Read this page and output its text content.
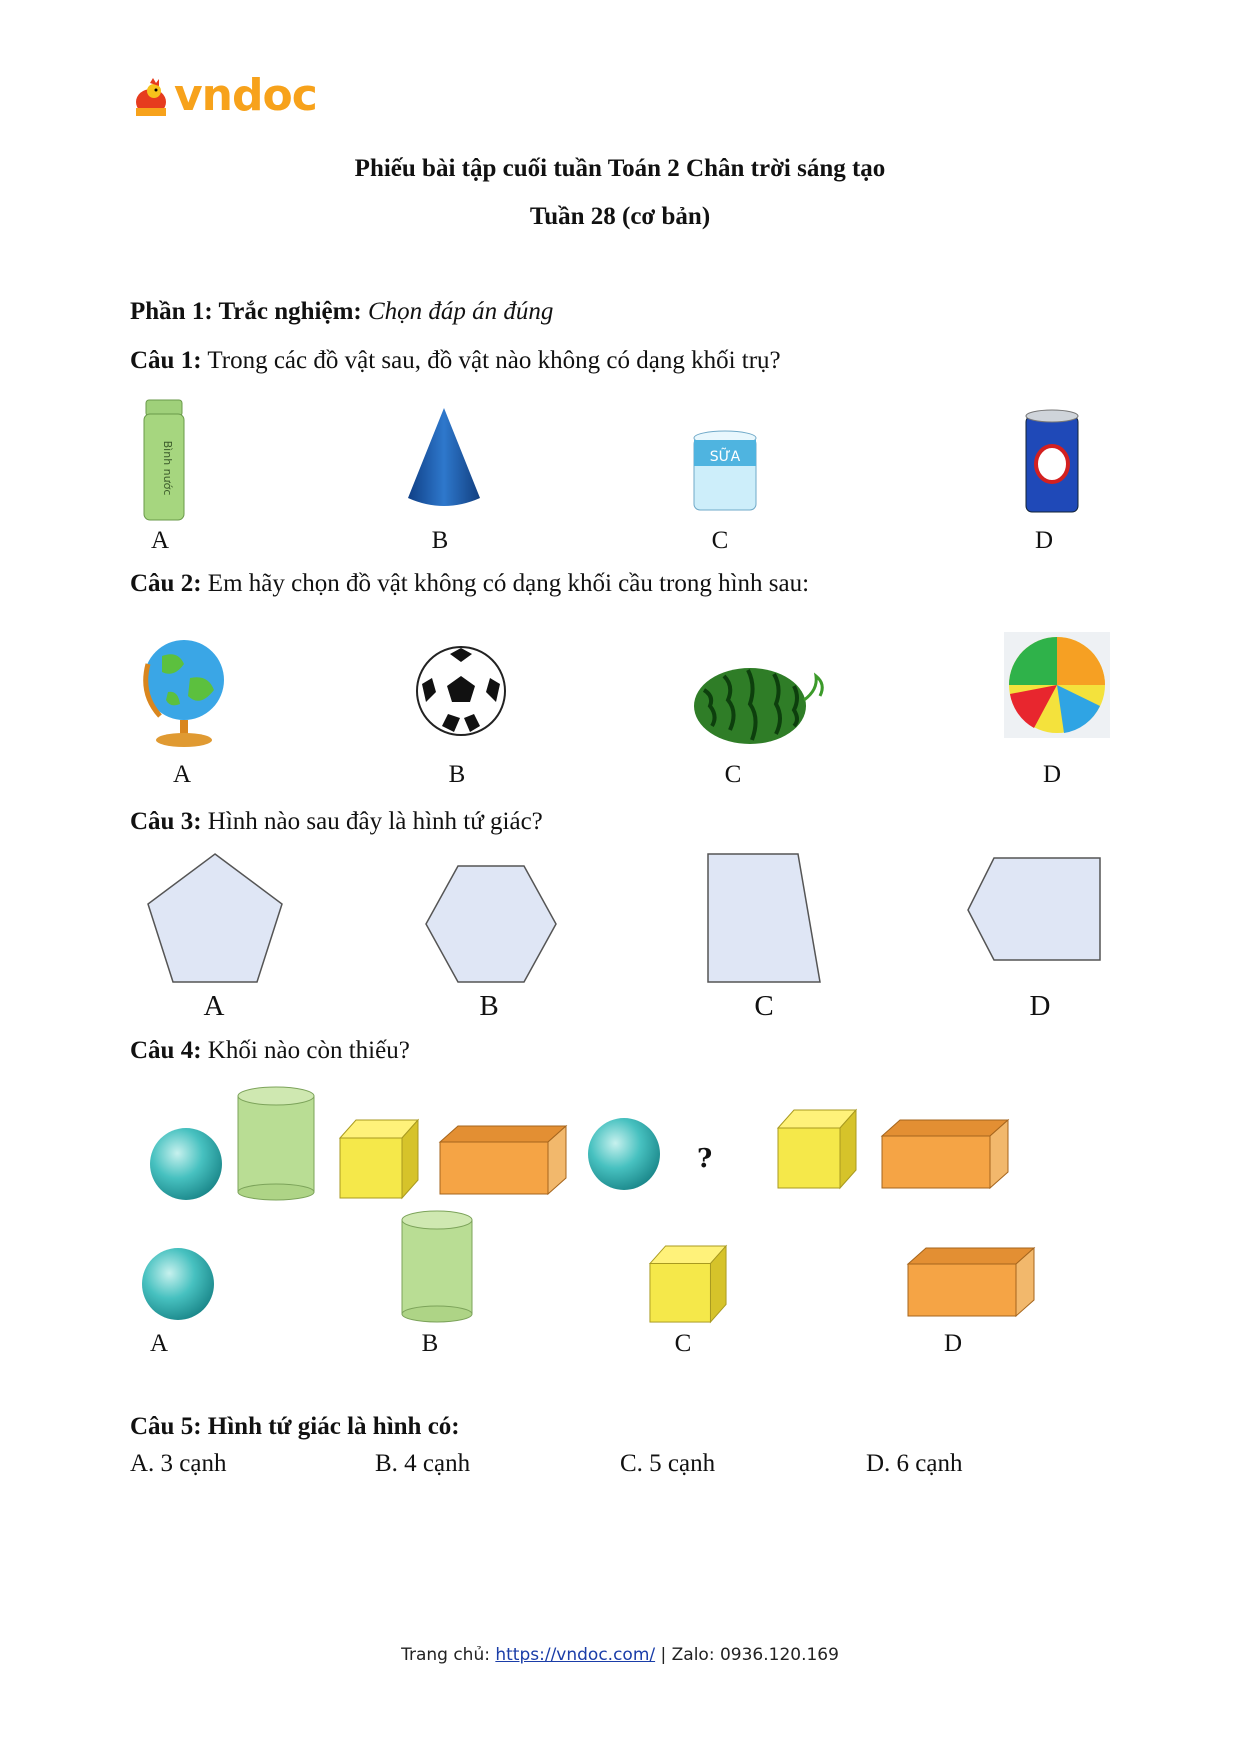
vndoc
Phiếu bài tập cuối tuần Toán 2 Chân trời sáng tạo
Tuần 28 (cơ bản)
Phần 1: Trắc nghiệm: Chọn đáp án đúng
Câu 1: Trong các đồ vật sau, đồ vật nào không có dạng khối trụ?
Bình nước	SỮA
A	B	C	D
Câu 2: Em hãy chọn đồ vật không có dạng khối cầu trong hình sau:
A	B	C	D
Câu 3: Hình nào sau đây là hình tứ giác?
A	B	C	D
Câu 4: Khối nào còn thiếu?
?
A	B	C	D
Câu 5: Hình tứ giác là hình có:
A. 3 cạnh	B. 4 cạnh	C. 5 cạnh	D. 6 cạnh
Trang chủ: https://vndoc.com/ | Zalo: 0936.120.169
